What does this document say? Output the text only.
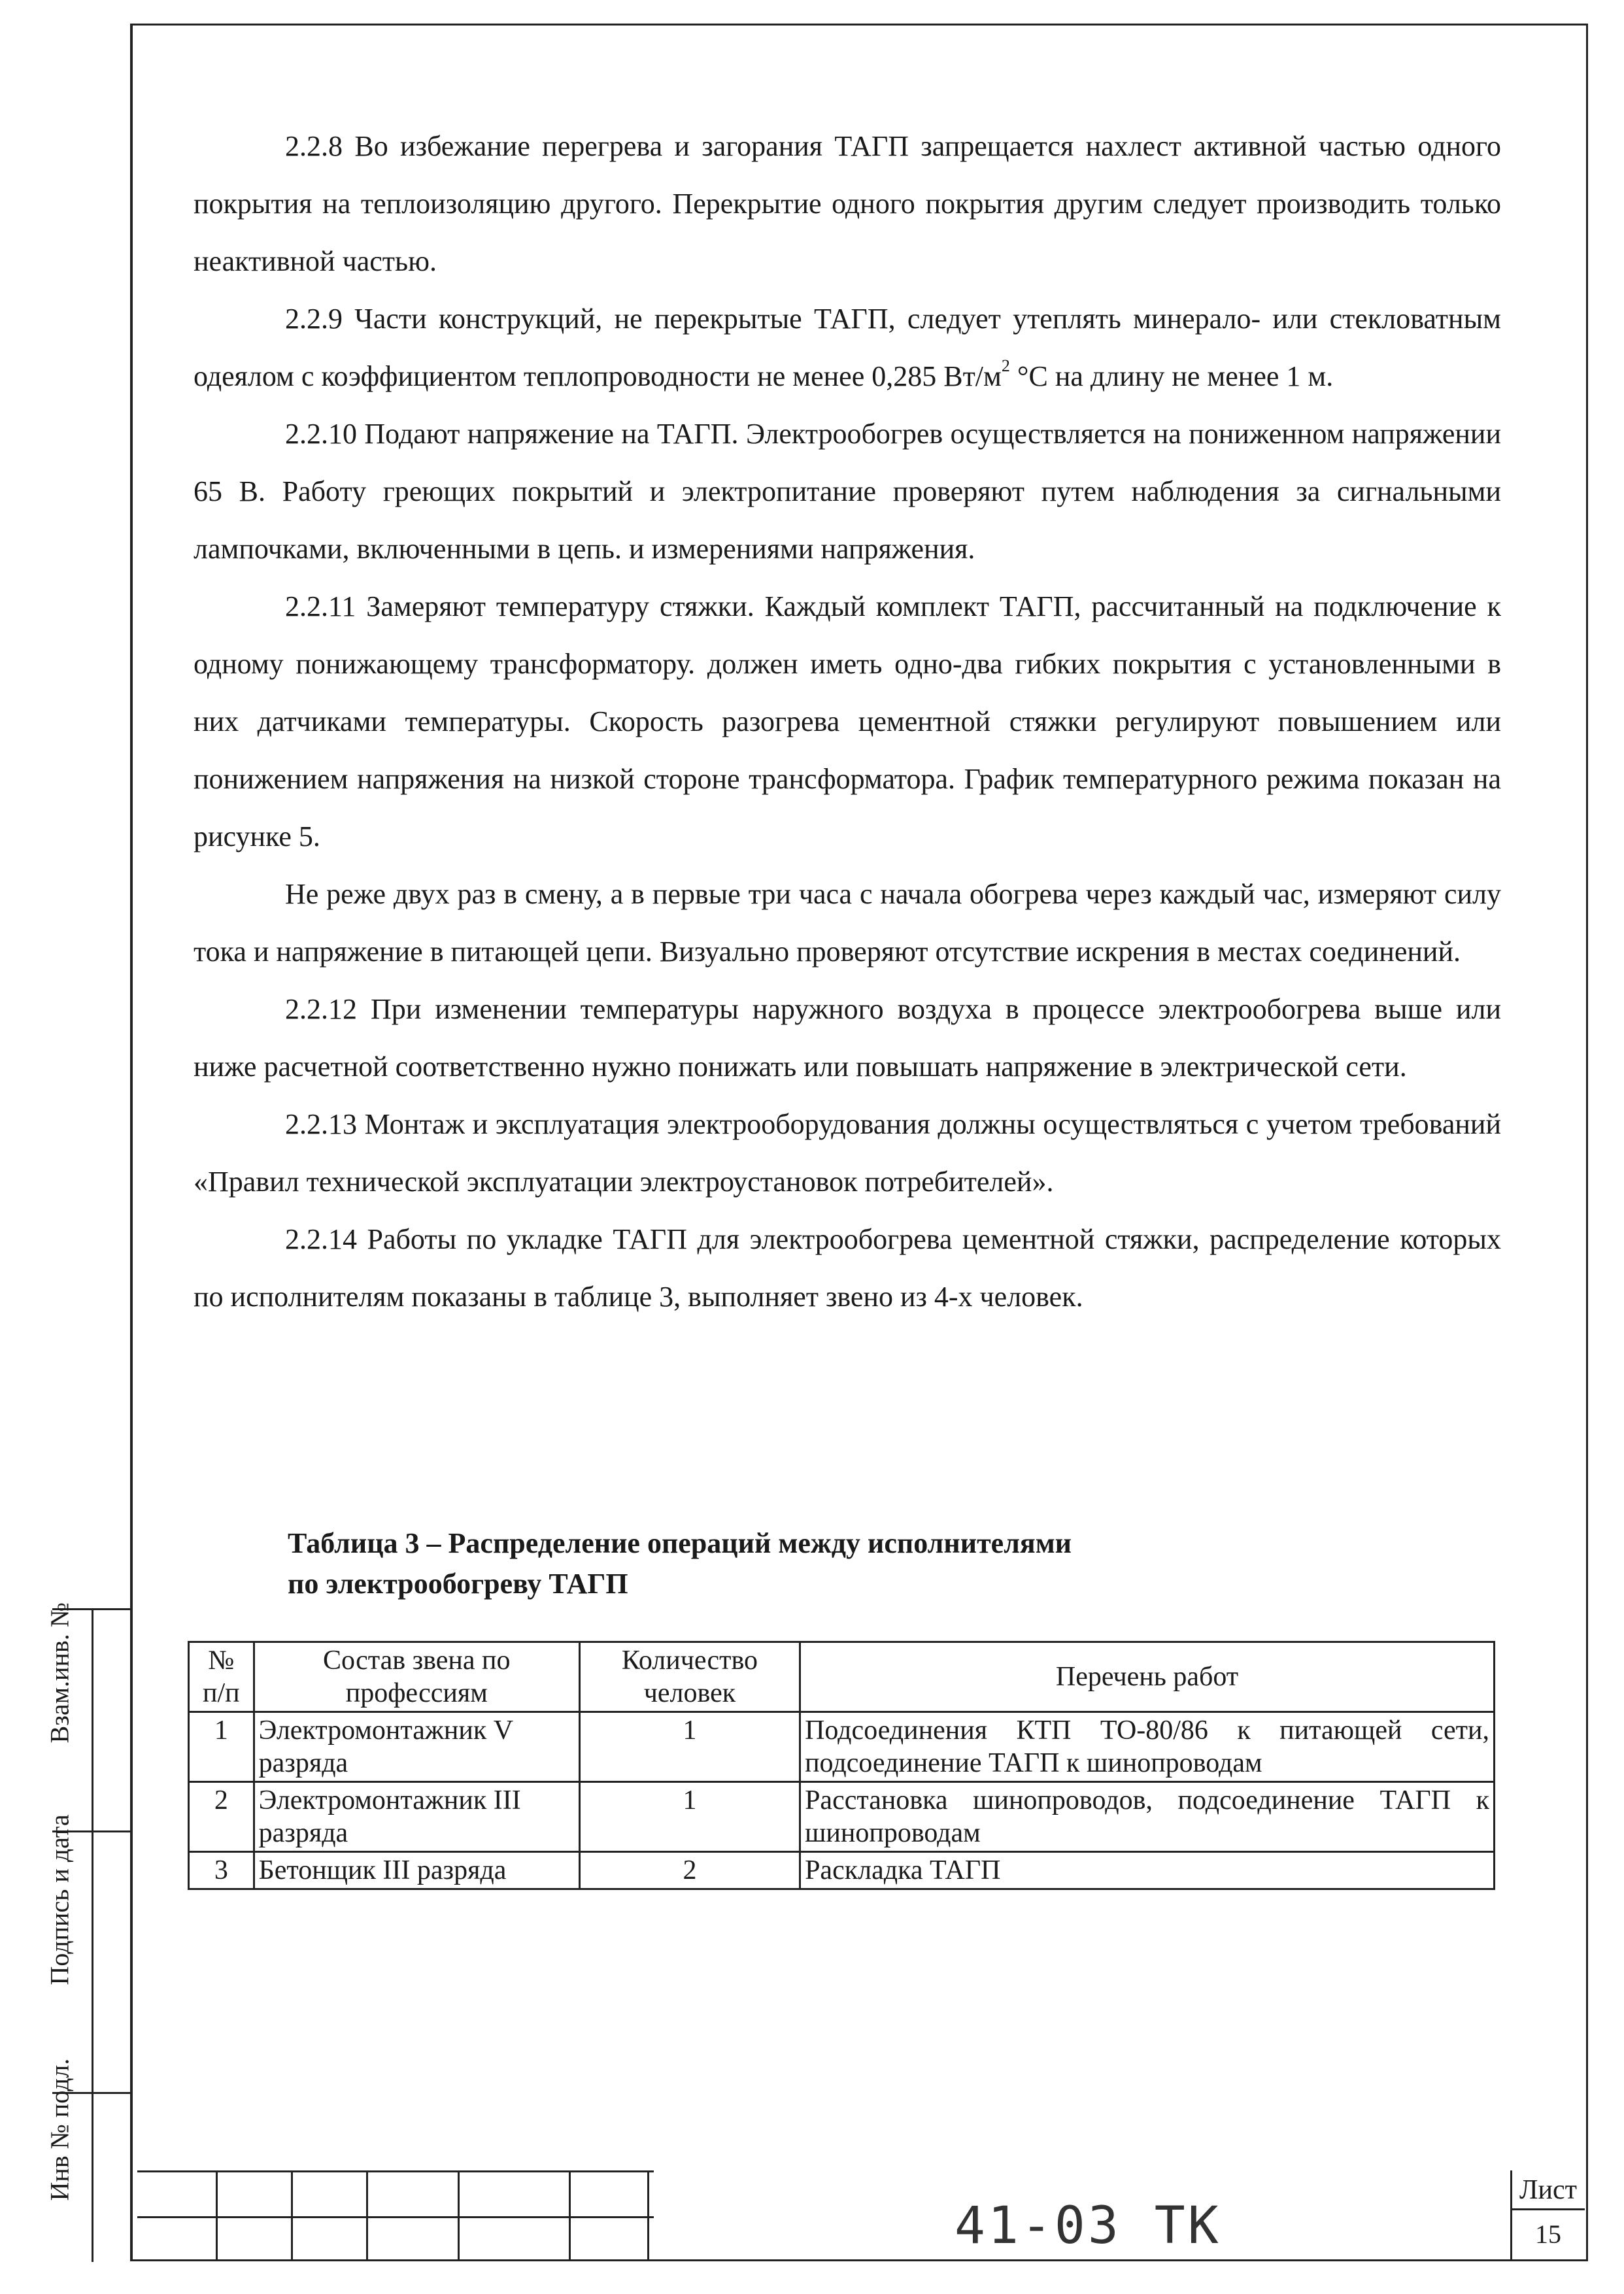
2.2.8 Во избежание перегрева и загорания ТАГП запрещается нахлест активной частью одного покрытия на теплоизоляцию другого. Перекрытие одного покрытия другим следует производить только неактивной частью.

2.2.9 Части конструкций, не перекрытые ТАГП, следует утеплять минерало- или стекловатным одеялом с коэффициентом теплопроводности не менее 0,285 $Вт/м^2$ °С на длину не менее 1 м.

2.2.10 Подают напряжение на ТАГП. Электрообогрев осуществляется на пониженном напряжении 65 В. Работу греющих покрытий и электропитание проверяют путем наблюдения за сигнальными лампочками, включенными в цепь. и измерениями напряжения.

2.2.11 Замеряют температуру стяжки. Каждый комплект ТАГП, рассчитанный на подключение к одному понижающему трансформатору. должен иметь одно-два гибких покрытия с установленными в них датчиками температуры. Скорость разогрева цементной стяжки регулируют повышением или понижением напряжения на низкой стороне трансформатора. График температурного режима показан на рисунке 5.

Не реже двух раз в смену, а в первые три часа с начала обогрева через каждый час, измеряют силу тока и напряжение в питающей цепи. Визуально проверяют отсутствие искрения в местах соединений.

2.2.12 При изменении температуры наружного воздуха в процессе электрообогрева выше или ниже расчетной соответственно нужно понижать или повышать напряжение в электрической сети.

2.2.13 Монтаж и эксплуатация электрооборудования должны осуществляться с учетом требований «Правил технической эксплуатации электроустановок потребителей».

2.2.14 Работы по укладке ТАГП для электрообогрева цементной стяжки, распределение которых по исполнителям показаны в таблице 3, выполняет звено из 4-х человек.

Таблица 3 – Распределение операций между исполнителями
по электрообогреву ТАГП
№ п/п	Состав звена по профессиям	Количество человек	Перечень работ
1	Электромонтажник V разряда	1	Подсоединения КТП ТО-80/86 к питающей сети, подсоединение ТАГП к шинопроводам
2	Электромонтажник III разряда	1	Расстановка шинопроводов, подсоединение ТАГП к шинопроводам
3	Бетонщик III разряда	2	Раскладка ТАГП
Взам.инв. №
Подпись и дата
Инв № подл.
41-03 ТК
Лист
15
